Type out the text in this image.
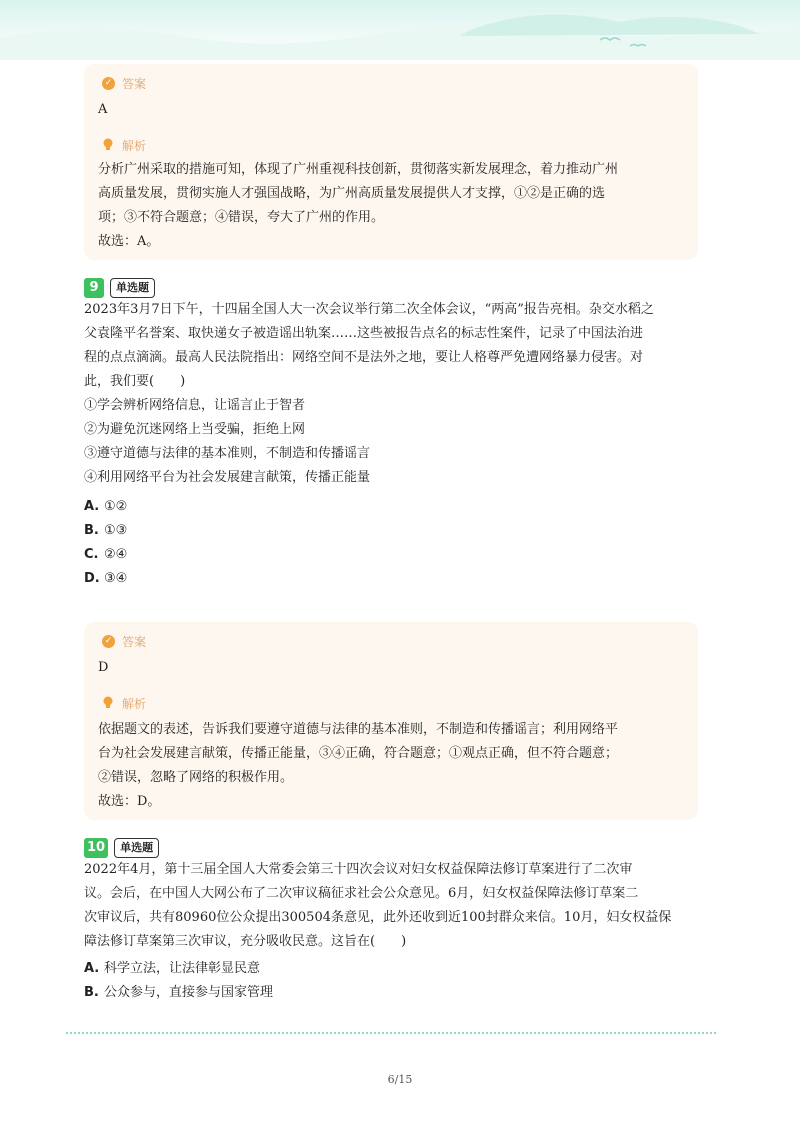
✓ 答案
A
解析

分析广州采取的措施可知，体现了广州重视科技创新，贯彻落实新发展理念，着力推动广州

高质量发展，贯彻实施人才强国战略，为广州高质量发展提供人才支撑，①②是正确的选

项；③不符合题意；④错误，夸大了广州的作用。

故选：A。

9	单选题

2023年3月7日下午，十四届全国人大一次会议举行第二次全体会议，“两高”报告亮相。杂交水稻之

父袁隆平名誉案、取快递女子被造谣出轨案……这些被报告点名的标志性案件，记录了中国法治进

程的点点滴滴。最高人民法院指出：网络空间不是法外之地，要让人格尊严免遭网络暴力侵害。对

此，我们要(　　)

①学会辨析网络信息，让谣言止于智者

②为避免沉迷网络上当受骗，拒绝上网

③遵守道德与法律的基本准则，不制造和传播谣言

④利用网络平台为社会发展建言献策，传播正能量

A. ①②
B. ①③
C. ②④
D. ③④
✓ 答案
D
解析

依据题文的表述，告诉我们要遵守道德与法律的基本准则，不制造和传播谣言；利用网络平

台为社会发展建言献策，传播正能量，③④正确，符合题意；①观点正确，但不符合题意；

②错误，忽略了网络的积极作用。

故选：D。

10	单选题

2022年4月，第十三届全国人大常委会第三十四次会议对妇女权益保障法修订草案进行了二次审

议。会后，在中国人大网公布了二次审议稿征求社会公众意见。6月，妇女权益保障法修订草案二

次审议后，共有80960位公众提出300504条意见，此外还收到近100封群众来信。10月，妇女权益保

障法修订草案第三次审议，充分吸收民意。这旨在(　　)

A. 科学立法，让法律彰显民意
B. 公众参与，直接参与国家管理
6/15
